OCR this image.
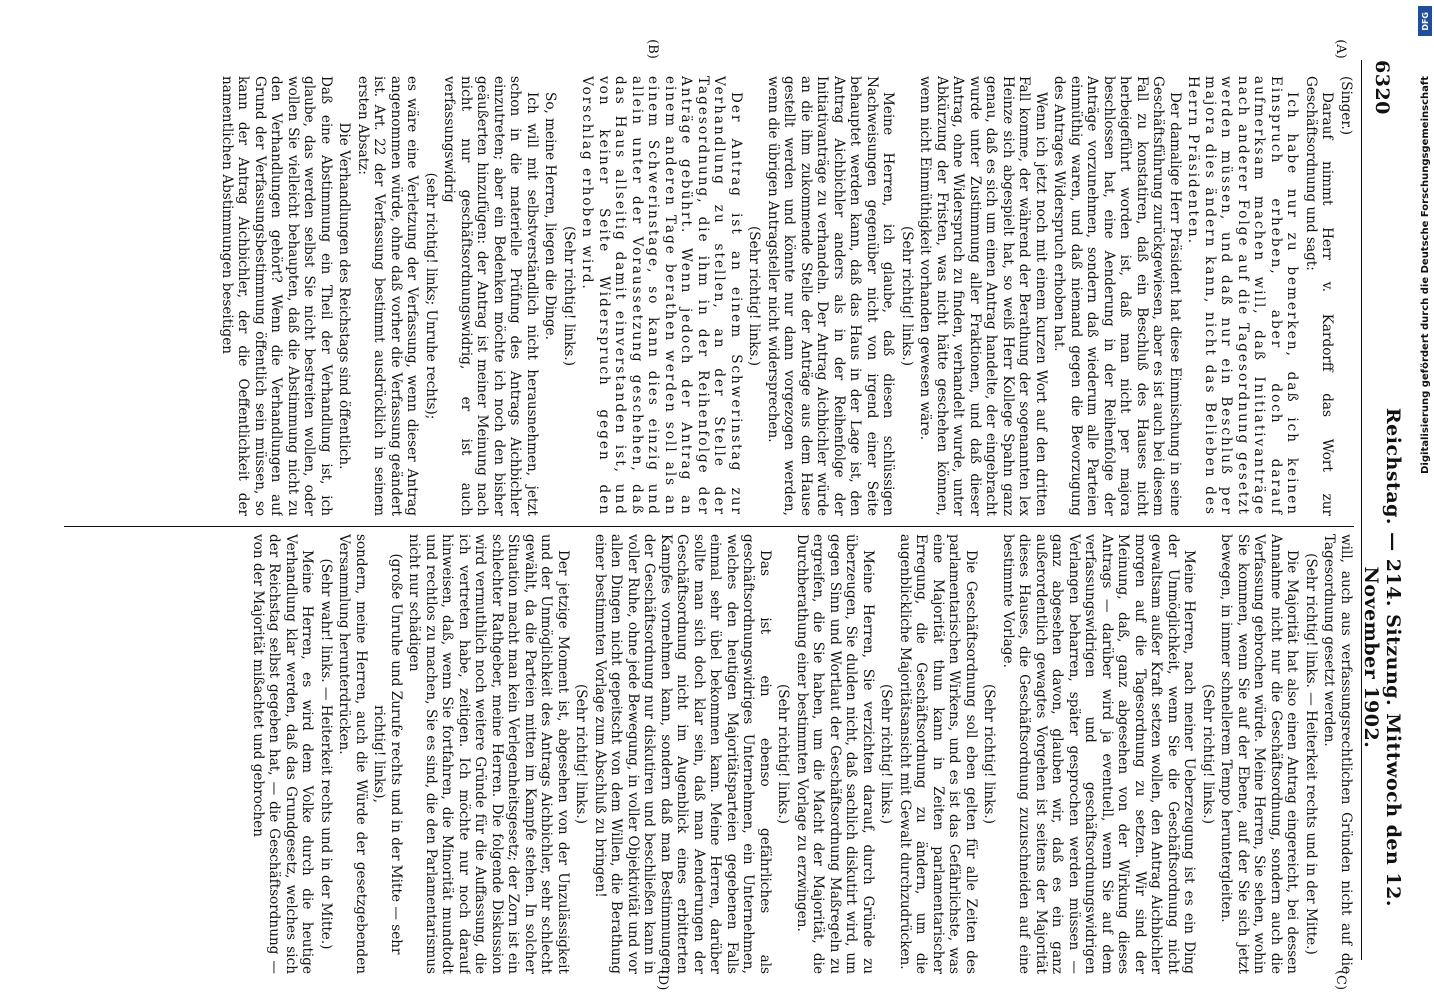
6320
Reichstag. — 214. Sitzung. Mittwoch den 12. November 1902.
(A)
(B)
(C)
(D)

(Singer.)

Darauf nimmt Herr v. Kardorff das Wort zur Geschäftsordnung und sagt:

Ich habe nur zu bemerken, daß ich keinen Einspruch erheben, aber doch darauf aufmerksam machen will, daß Initiativanträge nach anderer Folge auf die Tagesordnung gesetzt werden müssen, und daß nur ein Beschluß per majora dies ändern kann, nicht das Belieben des Herrn Präsidenten.

Der damalige Herr Präsident hat diese Einmischung in seine Geschäftsführung zurückgewiesen, aber es ist auch bei diesem Fall zu konstatiren, daß ein Beschluß des Hauses nicht herbeigeführt worden ist, daß man nicht per majora beschlossen hat, eine Aenderung in der Reihenfolge der Anträge vorzunehmen, sondern daß wiederum alle Parteien einmüthig waren, und daß niemand gegen die Bevorzugung des Antrages Widerspruch erhoben hat.

Wenn ich jetzt noch mit einem kurzen Wort auf den dritten Fall komme, der während der Berathung der sogenannten lex Heinze sich abgespielt hat, so weiß Herr Kollege Spahn ganz genau, daß es sich um einen Antrag handelte, der eingebracht wurde unter Zustimmung aller Fraktionen, und daß dieser Antrag, ohne Widerspruch zu finden, verhandelt wurde, unter Abkürzung der Fristen, was nicht hätte geschehen können, wenn nicht Einmüthigkeit vorhanden gewesen wäre.

(Sehr richtig! links.)

Meine Herren, ich glaube, daß diesen schlüssigen Nachweisungen gegenüber nicht von irgend einer Seite behauptet werden kann, daß das Haus in der Lage ist, den Antrag Aichbichler anders als in der Reihenfolge der Initiativanträge zu verhandeln. Der Antrag Aichbichler würde an die ihm zukommende Stelle der Anträge aus dem Hause gestellt werden und könnte nur dann vorgezogen werden, wenn die übrigen Antragsteller nicht widersprechen.

(Sehr richtig! links.)

Der Antrag ist an einem Schwerinstag zur Verhandlung zu stellen, an der Stelle der Tagesordnung, die ihm in der Reihenfolge der Anträge gebührt. Wenn jedoch der Antrag an einem anderen Tage berathen werden soll als an einem Schwerinstage, so kann dies einzig und allein unter der Voraussetzung geschehen, daß das Haus allseitig damit einverstanden ist, und von keiner Seite Widerspruch gegen den Vorschlag erhoben wird.

(Sehr richtig! links.)

So, meine Herren, liegen die Dinge.

Ich will mit selbstverständlich nicht herausnehmen, jetzt schon in die materielle Prüfung des Antrags Aichbichler einzutreten; aber ein Bedenken möchte ich noch den bisher geäußerten hinzufügen: der Antrag ist meiner Meinung nach nicht nur geschäftsordnungswidrig, er ist auch verfassungswidrig

(sehr richtig! links; Unruhe rechts);

es wäre eine Verletzung der Verfassung, wenn dieser Antrag angenommen würde, ohne daß vorher die Verfassung geändert ist. Art. 22 der Verfassung bestimmt ausdrücklich in seinem ersten Absatz:

Die Verhandlungen des Reichstags sind öffentlich.

Daß eine Abstimmung ein Theil der Verhandlung ist, ich glaube, das werden selbst Sie nicht bestreiten wollen, oder wollen Sie vielleicht behaupten, daß die Abstimmung nicht zu den Verhandlungen gehört? Wenn die Verhandlungen auf Grund der Verfassungsbestimmung öffentlich sein müssen, so kann der Antrag Aichbichler, der die Oeffentlichkeit der namentlichen Abstimmungen beseitigen

will, auch aus verfassungsrechtlichen Gründen nicht auf die Tagesordnung gesetzt werden.

(Sehr richtig! links. — Heiterkeit rechts und in der Mitte.)

Die Majorität hat also einen Antrag eingereicht, bei dessen Annahme nicht nur die Geschäftsordnung, sondern auch die Verfassung gebrochen würde. Meine Herren, Sie sehen, wohin Sie kommen, wenn Sie auf der Ebene, auf der Sie sich jetzt bewegen, in immer schnellerem Tempo heruntergleiten.

(Sehr richtig! links.)

Meine Herren, nach meiner Ueberzeugung ist es ein Ding der Unmöglichkeit, wenn Sie die Geschäftsordnung nicht gewaltsam außer Kraft setzen wollen, den Antrag Aichbichler morgen auf die Tagesordnung zu setzen. Wir sind der Meinung, daß, ganz abgesehen von der Wirkung dieses Antrags — darüber wird ja eventuell, wenn Sie auf dem verfassungswidrigen und geschäftsordnungswidrigen Verlangen beharren, später gesprochen werden müssen — ganz abgesehen davon, glauben wir, daß es ein ganz außerordentlich gewagtes Vorgehen ist seitens der Majorität dieses Hauses, die Geschäftsordnung zuzuschneiden auf eine bestimmte Vorlage.

(Sehr richtig! links.)

Die Geschäftsordnung soll eben gelten für alle Zeiten des parlamentarischen Wirkens, und es ist das Gefährlichste, was eine Majorität thun kann in Zeiten parlamentarischer Erregung, die Geschäftsordnung zu ändern, um die augenblickliche Majoritätsansicht mit Gewalt durchzudrücken.

(Sehr richtig! links.)

Meine Herren, Sie verzichten darauf, durch Gründe zu überzeugen, Sie dulden nicht, daß sachlich diskutirt wird, um gegen Sinn und Wortlaut der Geschäftsordnung Maßregeln zu ergreifen, die Sie haben, um die Macht der Majorität, die Durchberathung einer bestimmten Vorlage zu erzwingen.

(Sehr richtig! links.)

Das ist ein ebenso gefährliches als geschäftsordnungswidriges Unternehmen, ein Unternehmen, welches den heutigen Majoritätsparteien gegebenen Falls einmal sehr übel bekommen kann. Meine Herren, darüber sollte man sich doch klar sein, daß man Aenderungen der Geschäftsordnung nicht im Augenblick eines erbitterten Kampfes vornehmen kann, sondern daß man Bestimmungen der Geschäftsordnung nur diskutiren und beschließen kann in voller Ruhe, ohne jede Bewegung, in voller Objektivität und vor allen Dingen nicht gepeitscht von dem Willen, die Berathung einer bestimmten Vorlage zum Abschluß zu bringen!

(Sehr richtig! links.)

Der jetzige Moment ist, abgesehen von der Unzulässigkeit und der Unmöglichkeit des Antrags Aichbichler, sehr schlecht gewählt, da die Parteien mitten im Kampfe stehen. In solcher Situation macht man kein Verlegenheitsgesetz; der Zorn ist ein schlechter Rathgeber, meine Herren. Die folgende Diskussion wird vermuthlich noch weitere Gründe für die Auffassung, die ich vertreten habe, zeitigen. Ich möchte nur noch darauf hinweisen, daß, wenn Sie fortfahren, die Minorität mundtodt und rechtlos zu machen, Sie es sind, die den Parlamentarismus nicht nur schädigen

(große Unruhe und Zurufe rechts und in der Mitte — sehr richtig! links),

sondern, meine Herren, auch die Würde der gesetzgebenden Versammlung herunterdrücken.

(Sehr wahr! links. — Heiterkeit rechts und in der Mitte.)

Meine Herren, es wird dem Volke durch die heutige Verhandlung klar werden, daß das Grundgesetz, welches sich der Reichstag selbst gegeben hat, — die Geschäftsordnung — von der Majorität mißachtet und gebrochen

DFG
Digitalisierung gefördert durch die Deutsche Forschungsgemeinschaft
